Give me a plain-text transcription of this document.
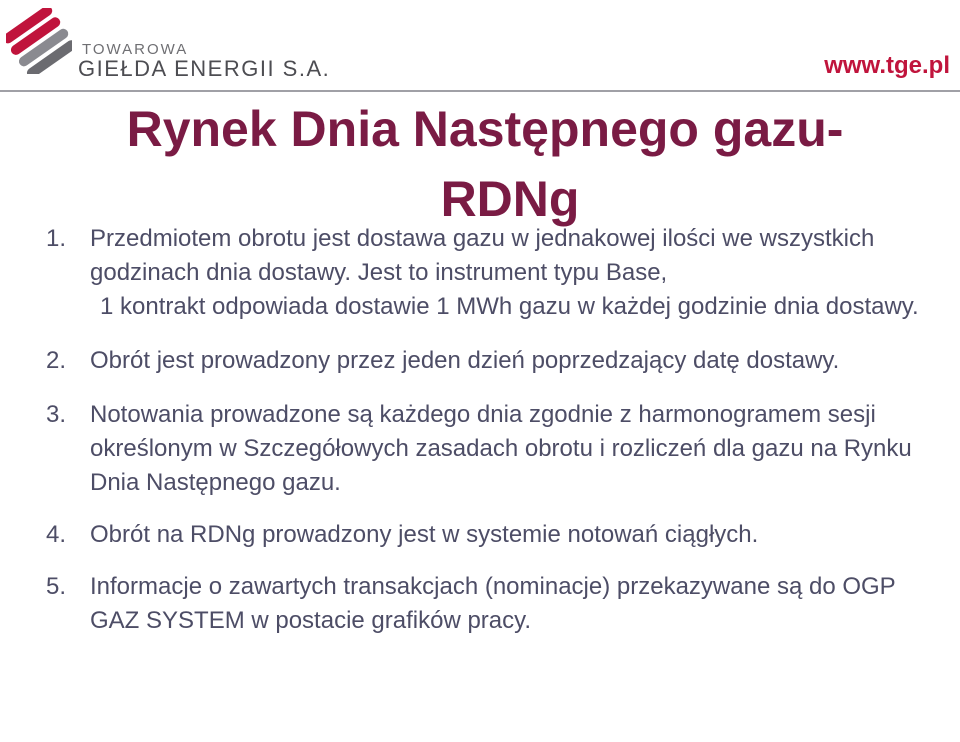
TOWAROWA
GIEŁDA ENERGII S.A.	www.tge.pl
Rynek Dnia Następnego gazu-
RDNg
1. Przedmiotem obrotu jest dostawa gazu w jednakowej ilości we wszystkich godzinach dnia dostawy. Jest to instrument typu Base,
1 kontrakt odpowiada dostawie 1 MWh gazu w każdej godzinie dnia dostawy.
2. Obrót jest prowadzony przez jeden dzień poprzedzający datę dostawy.
3. Notowania prowadzone są każdego dnia zgodnie z harmonogramem sesji określonym w Szczegółowych zasadach obrotu i rozliczeń dla gazu na Rynku Dnia Następnego gazu.
4. Obrót na RDNg prowadzony jest w systemie notowań ciągłych.
5. Informacje o zawartych transakcjach (nominacje) przekazywane są do OGP GAZ SYSTEM w postacie grafików pracy.
